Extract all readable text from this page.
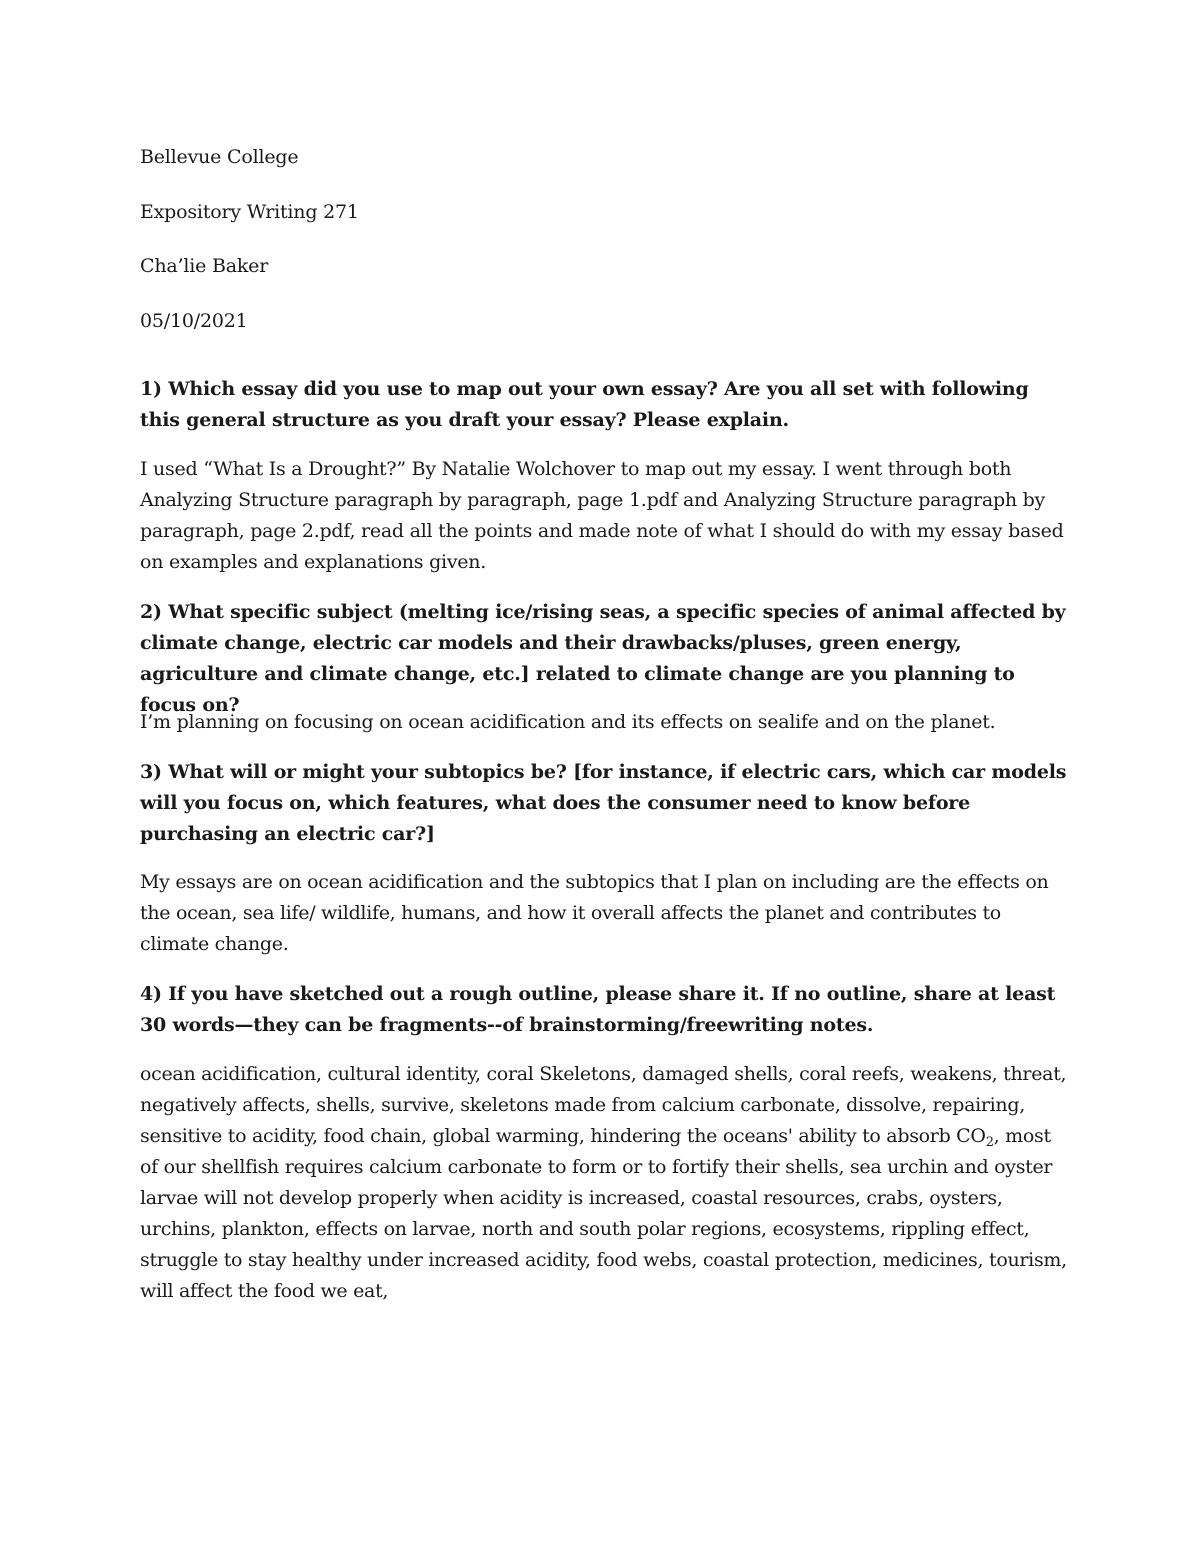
Bellevue College
Expository Writing 271
Cha’lie Baker
05/10/2021
1) Which essay did you use to map out your own essay? Are you all set with following this general structure as you draft your essay? Please explain.
I used “What Is a Drought?” By Natalie Wolchover to map out my essay. I went through both Analyzing Structure paragraph by paragraph, page 1.pdf and Analyzing Structure paragraph by paragraph, page 2.pdf, read all the points and made note of what I should do with my essay based on examples and explanations given.
2) What specific subject (melting ice/rising seas, a specific species of animal affected by climate change, electric car models and their drawbacks/pluses, green energy, agriculture and climate change, etc.] related to climate change are you planning to focus on?
I’m planning on focusing on ocean acidification and its effects on sealife and on the planet.
3) What will or might your subtopics be? [for instance, if electric cars, which car models will you focus on, which features, what does the consumer need to know before purchasing an electric car?]
My essays are on ocean acidification and the subtopics that I plan on including are the effects on the ocean, sea life/ wildlife, humans, and how it overall affects the planet and contributes to climate change.
4) If you have sketched out a rough outline, please share it. If no outline, share at least 30 words—they can be fragments--of brainstorming/freewriting notes.
ocean acidification, cultural identity, coral Skeletons, damaged shells, coral reefs, weakens, threat, negatively affects, shells, survive, skeletons made from calcium carbonate, dissolve, repairing, sensitive to acidity, food chain, global warming, hindering the oceans' ability to absorb $CO_2$, most of our shellfish requires calcium carbonate to form or to fortify their shells, sea urchin and oyster larvae will not develop properly when acidity is increased, coastal resources, crabs, oysters, urchins, plankton, effects on larvae, north and south polar regions, ecosystems, rippling effect, struggle to stay healthy under increased acidity, food webs, coastal protection, medicines, tourism, will affect the food we eat,
